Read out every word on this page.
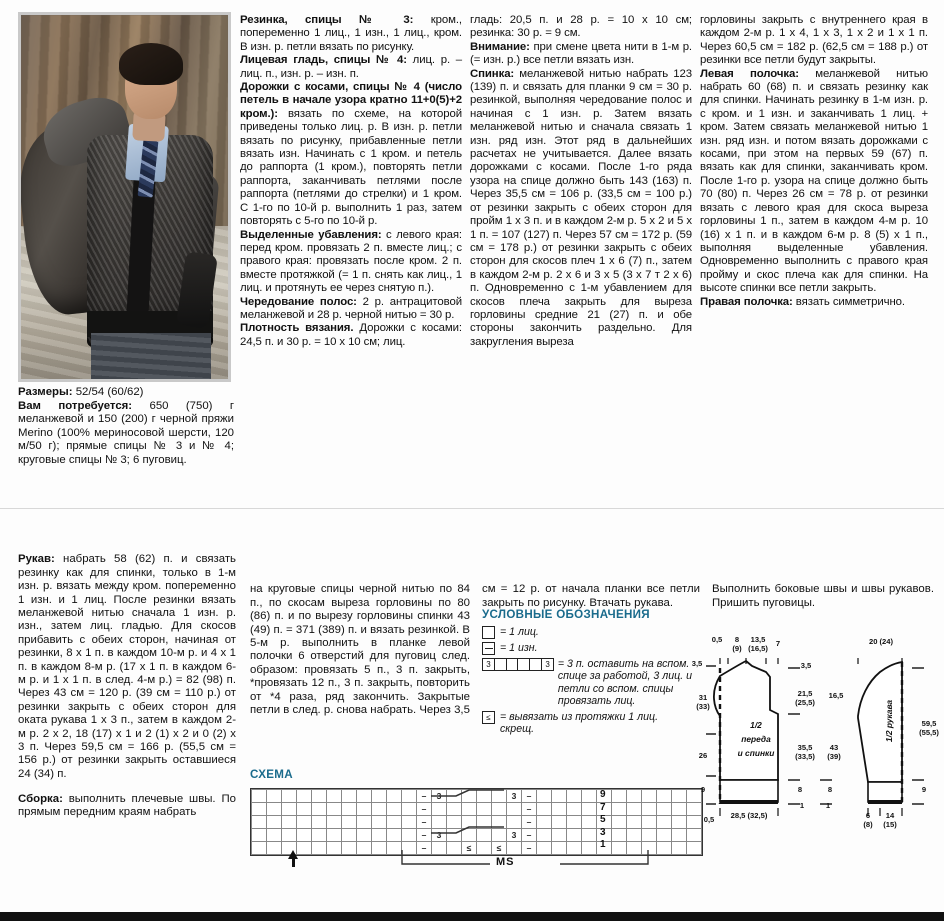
Размеры: 52/54 (60/62)

Вам потребуется: 650 (750) г меланжевой и 150 (200) г черной пряжи Merino (100% мериносовой шерсти, 120 м/50 г); прямые спицы № 3 и № 4; круговые спицы № 3; 6 пуговиц.

Резинка, спицы № 3: кром., попеременно 1 лиц., 1 изн., 1 лиц., кром. В изн. р. петли вязать по рисунку.

Лицевая гладь, спицы № 4: лиц. р. – лиц. п., изн. р. – изн. п.

Дорожки с косами, спицы № 4 (число петель в начале узора кратно 11+0(5)+2 кром.): вязать по схеме, на которой приведены только лиц. р. В изн. р. петли вязать по рисунку, прибавленные петли вязать изн. Начинать с 1 кром. и петель до раппорта (1 кром.), повторять петли раппорта, заканчивать петлями после раппорта (петлями до стрелки) и 1 кром. С 1-го по 10-й р. выполнить 1 раз, затем повторять с 5-го по 10-й р.

Выделенные убавления: с левого края: перед кром. провязать 2 п. вместе лиц.; с правого края: провязать после кром. 2 п. вместе протяжкой (= 1 п. снять как лиц., 1 лиц. и протянуть ее через снятую п.).

Чередование полос: 2 р. антрацитовой меланжевой и 28 р. черной нитью = 30 р.

Плотность вязания. Дорожки с косами: 24,5 п. и 30 р. = 10 х 10 см; лиц.

гладь: 20,5 п. и 28 р. = 10 х 10 см; резинка: 30 р. = 9 см.

Внимание: при смене цвета нити в 1-м р. (= изн. р.) все петли вязать изн.

Спинка: меланжевой нитью набрать 123 (139) п. и связать для планки 9 см = 30 р. резинкой, выполняя чередование полос и начиная с 1 изн. р. Затем вязать меланжевой нитью и сначала связать 1 изн. ряд изн. Этот ряд в дальнейших расчетах не учитывается. Далее вязать дорожками с косами. После 1-го ряда узора на спице должно быть 143 (163) п. Через 35,5 см = 106 р. (33,5 см = 100 р.) от резинки закрыть с обеих сторон для пройм 1 х 3 п. и в каждом 2-м р. 5 х 2 и 5 х 1 п. = 107 (127) п. Через 57 см = 172 р. (59 см = 178 р.) от резинки закрыть с обеих сторон для скосов плеч 1 х 6 (7) п., затем в каждом 2-м р. 2 х 6 и 3 х 5 (3 х 7 т 2 х 6) п. Одновременно с 1-м убавлением для скосов плеча закрыть для выреза горловины средние 21 (27) п. и обе стороны закончить раздельно. Для закругления выреза

горловины закрыть с внутреннего края в каждом 2-м р. 1 х 4, 1 х 3, 1 х 2 и 1 х 1 п. Через 60,5 см = 182 р. (62,5 см = 188 р.) от резинки все петли будут закрыты.

Левая полочка: меланжевой нитью набрать 60 (68) п. и связать резинку как для спинки. Начинать резинку в 1-м изн. р. с кром. и 1 изн. и заканчивать 1 лиц. + кром. Затем связать меланжевой нитью 1 изн. ряд изн. и потом вязать дорожками с косами, при этом на первых 59 (67) п. вязать как для спинки, заканчивать кром. После 1-го р. узора на спице должно быть 70 (80) п. Через 26 см = 78 р. от резинки вязать с левого края для скоса выреза горловины 1 п., затем в каждом 4-м р. 10 (16) х 1 п. и в каждом 6-м р. 8 (5) х 1 п., выполняя выделенные убавления. Одновременно выполнить с правого края пройму и скос плеча как для спинки. На высоте спинки все петли закрыть.

Правая полочка: вязать симметрично.

Рукав: набрать 58 (62) п. и связать резинку как для спинки, только в 1-м изн. р. вязать между кром. попеременно 1 изн. и 1 лиц. После резинки вязать меланжевой нитью сначала 1 изн. р. изн., затем лиц. гладью. Для скосов прибавить с обеих сторон, начиная от резинки, 8 х 1 п. в каждом 10-м р. и 4 х 1 п. в каждом 8-м р. (17 х 1 п. в каждом 6-м р. и 1 х 1 п. в след. 4-м р.) = 82 (98) п. Через 43 см = 120 р. (39 см = 110 р.) от резинки закрыть с обеих сторон для оката рукава 1 х 3 п., затем в каждом 2-м р. 2 х 2, 18 (17) х 1 и 2 (1) х 2 и 0 (2) х 3 п. Через 59,5 см = 166 р. (55,5 см = 156 р.) от резинки закрыть оставшиеся 24 (34) п.

Сборка: выполнить плечевые швы. По прямым передним краям набрать

на круговые спицы черной нитью по 84 п., по скосам выреза горловины по 80 (86) п. и по вырезу горловины спинки 43 (49) п. = 371 (389) п. и вязать резинкой. В 5-м р. выполнить в планке левой полочки 6 отверстий для пуговиц след. образом: провязать 5 п., 3 п. закрыть, *провязать 12 п., 3 п. закрыть, повторить от *4 раза, ряд закончить. Закрытые петли в след. р. снова набрать. Через 3,5

см = 12 р. от начала планки все петли закрыть по рисунку. Втачать рукава.

Выполнить боковые швы и швы рукавов. Пришить пуговицы.

УСЛОВНЫЕ ОБОЗНАЧЕНИЯ
= 1 лиц.
= 1 изн.
3	3 = 3 п. оставить на вспом. спице за работой, 3 лиц. и петли со вспом. спицы провязать лиц.
≤ = вывязать из протяжки 1 лиц. скрещ.
СХЕМА
											–	3					3	–											
											–							–											
											–							–											
											–	3					3	–											
											–			≤		≤		–											
MS
9
7
5
3
1
1/2
переда
и спинки
1/2 рукава
0,5	8
(9)
13,5
(16,5)
7	20 (24)
3,5
31
(33)
26
9
0,5	28,5 (32,5)
3,5
21,5
(25,5)
35,5
(33,5)
8
1
16,5
43
(39)
8
1
59,5
(55,5)
9
6
(8)
14
(15)
